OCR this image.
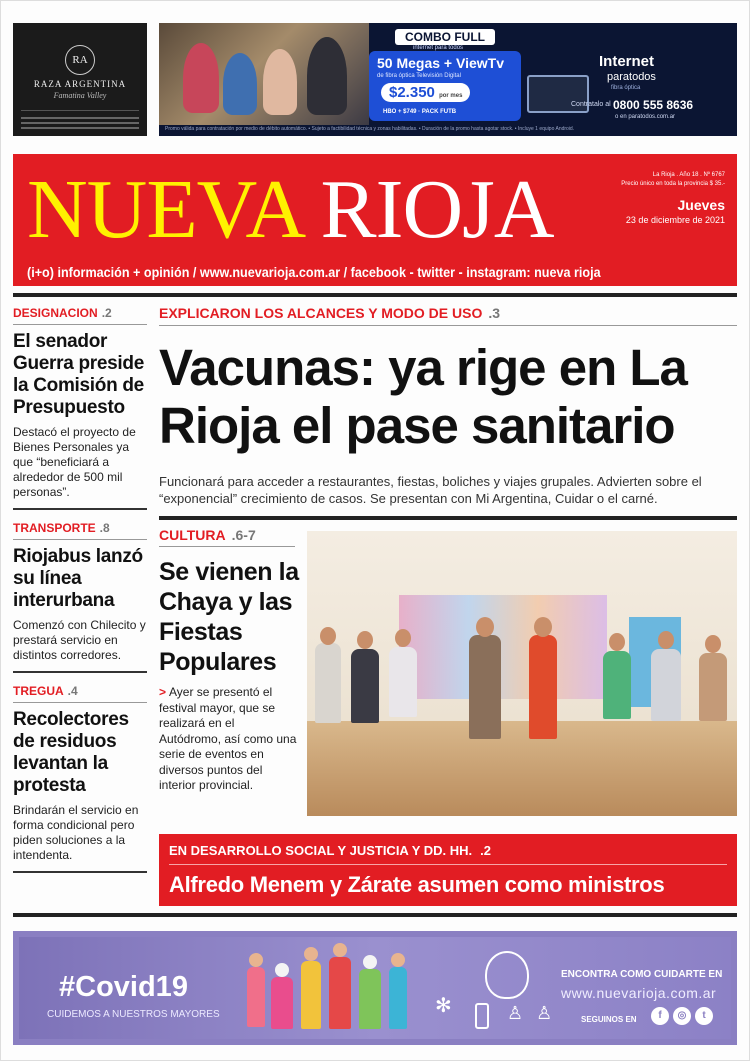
RA
RAZA ARGENTINA
Famatina Valley
COMBO FULL
internet para todos
50 Megas + ViewTv
de fibra óptica Televisión Digital
$2.350 por mes
HBO + $749 · PACK FUTB
Internet
paratodos
fibra óptica
Contratalo al 0800 555 8636
o en paratodos.com.ar
Promo válida para contratación por medio de débito automático. • Sujeto a factibilidad técnica y zonas habilitadas. • Duración de la promo hasta agotar stock. • Incluye 1 equipo Android.
NUEVA RIOJA	La Rioja . Año 18 . Nº 6767
Precio único en toda la provincia $ 35.-
Jueves
23 de diciembre de 2021
(i+o) información + opinión / www.nuevarioja.com.ar / facebook - twitter - instagram: nueva rioja
DESIGNACION .2
El senador Guerra preside la Comisión de Presupuesto

Destacó el proyecto de Bienes Personales ya que “beneficiará a alrededor de 500 mil personas”.

TRANSPORTE .8
Riojabus lanzó su línea interurbana

Comenzó con Chilecito y prestará servicio en distintos corredores.

TREGUA .4
Recolectores de residuos levantan la protesta

Brindarán el servicio en forma condicional pero piden soluciones a la intendenta.

EXPLICARON LOS ALCANCES Y MODO DE USO .3
Vacunas: ya rige en La Rioja el pase sanitario

Funcionará para acceder a restaurantes, fiestas, boliches y viajes grupales. Advierten sobre el “exponencial” crecimiento de casos. Se presentan con Mi Argentina, Cuidar o el carné.

CULTURA .6-7
Se vienen la Chaya y las Fiestas Populares

> Ayer se presentó el festival mayor, que se realizará en el Autódromo, así como una serie de eventos en diversos puntos del interior provincial.

EN DESARROLLO SOCIAL Y JUSTICIA Y DD. HH. .2
Alfredo Menem y Zárate asumen como ministros
#Covid19
CUIDEMOS A NUESTROS MAYORES	✻	♙ ♙
ENCONTRA COMO CUIDARTE EN
www.nuevarioja.com.ar
SEGUINOS EN	f	◎	t
